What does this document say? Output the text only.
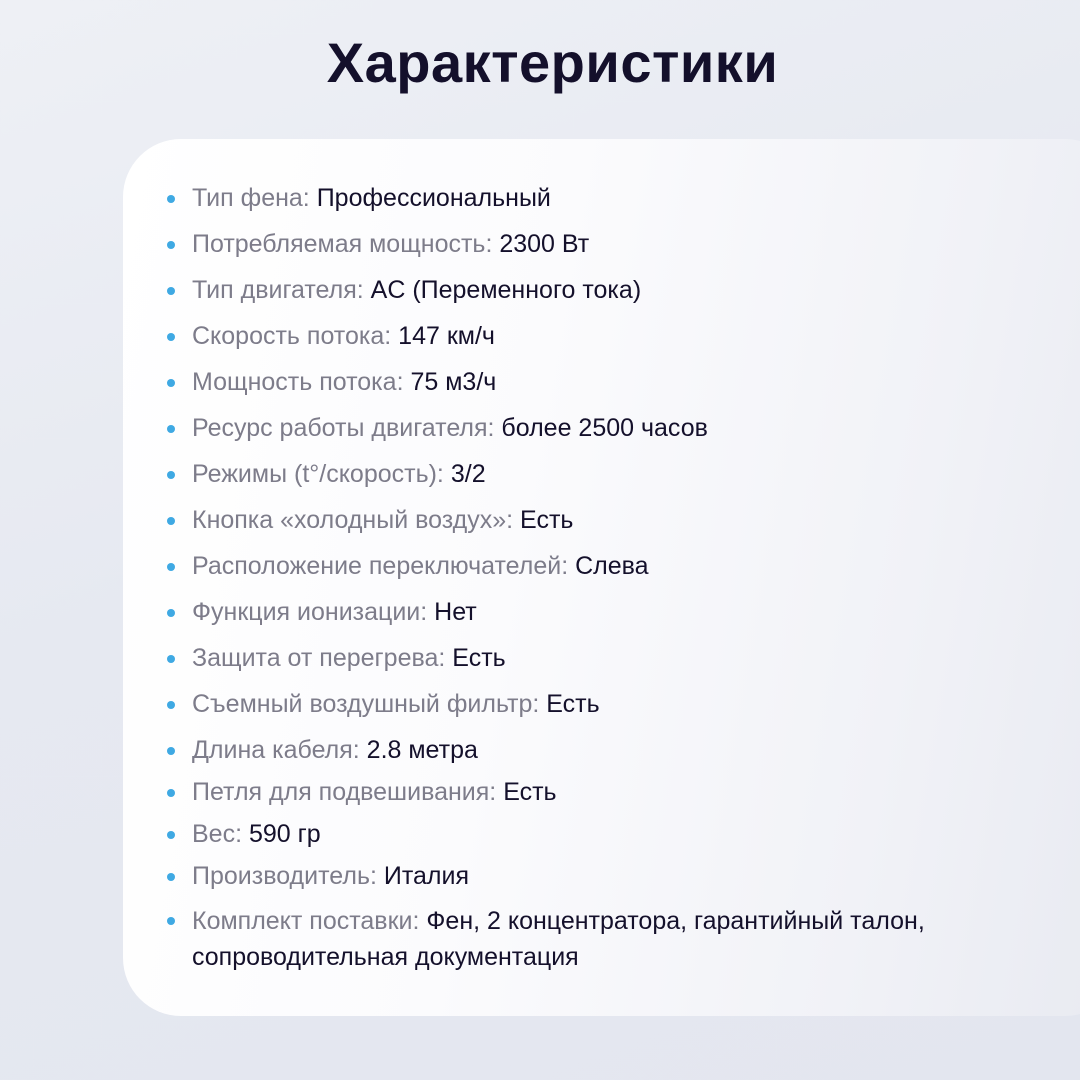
Характеристики
Тип фена: Профессиональный
Потребляемая мощность: 2300 Вт
Тип двигателя: AC (Переменного тока)
Скорость потока: 147 км/ч
Мощность потока: 75 м3/ч
Ресурс работы двигателя: более 2500 часов
Режимы (t°/скорость): 3/2
Кнопка «холодный воздух»: Есть
Расположение переключателей: Слева
Функция ионизации: Нет
Защита от перегрева: Есть
Съемный воздушный фильтр: Есть
Длина кабеля: 2.8 метра
Петля для подвешивания: Есть
Вес: 590 гр
Производитель: Италия
Комплект поставки: Фен, 2 концентратора, гарантийный талон, сопроводительная документация
